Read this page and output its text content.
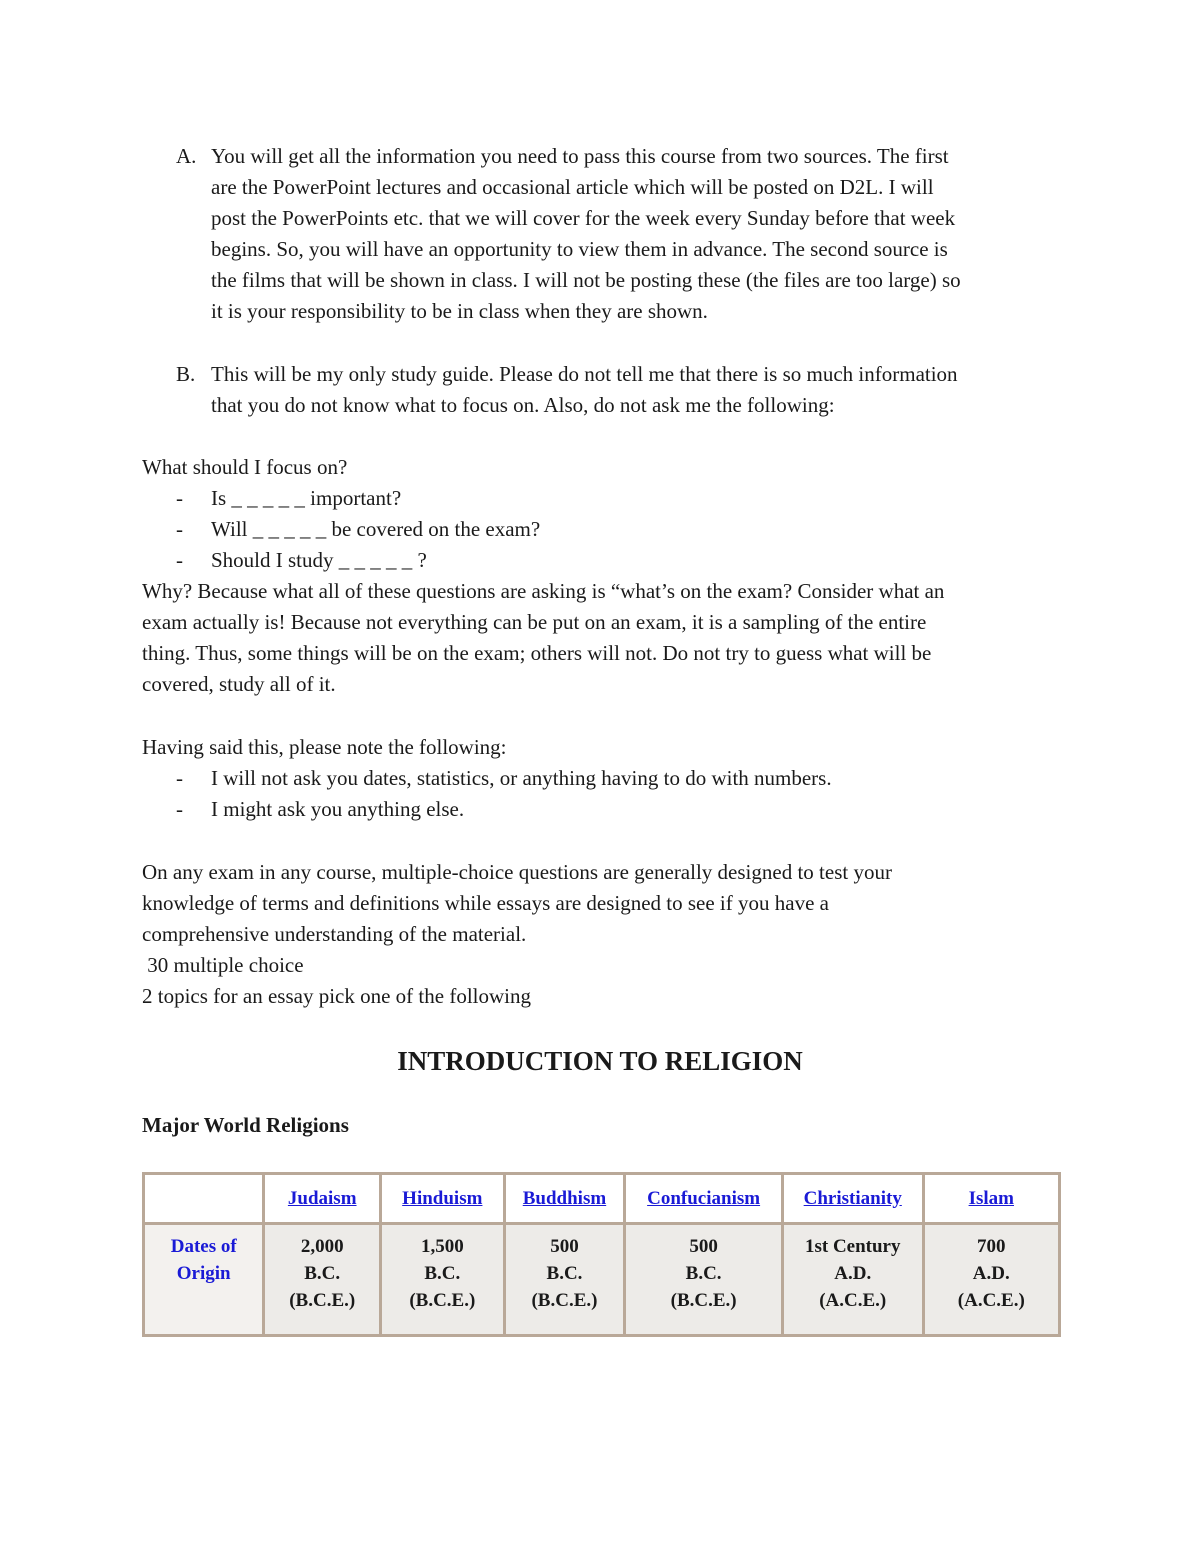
A. You will get all the information you need to pass this course from two sources. The first
are the PowerPoint lectures and occasional article which will be posted on D2L. I will
post the PowerPoints etc. that we will cover for the week every Sunday before that week
begins. So, you will have an opportunity to view them in advance. The second source is
the films that will be shown in class. I will not be posting these (the files are too large) so
it is your responsibility to be in class when they are shown.
B. This will be my only study guide. Please do not tell me that there is so much information
that you do not know what to focus on. Also, do not ask me the following:
What should I focus on?
- Is _ _ _ _ _ important?
- Will _ _ _ _ _ be covered on the exam?
- Should I study _ _ _ _ _ ?
Why? Because what all of these questions are asking is “what’s on the exam? Consider what an
exam actually is! Because not everything can be put on an exam, it is a sampling of the entire
thing. Thus, some things will be on the exam; others will not. Do not try to guess what will be
covered, study all of it.
Having said this, please note the following:
- I will not ask you dates, statistics, or anything having to do with numbers.
- I might ask you anything else.
On any exam in any course, multiple-choice questions are generally designed to test your
knowledge of terms and definitions while essays are designed to see if you have a
comprehensive understanding of the material.
30 multiple choice
2 topics for an essay pick one of the following
INTRODUCTION TO RELIGION
Major World Religions
	Judaism	Hinduism	Buddhism	Confucianism	Christianity	Islam

Dates of
Origin	2,000
B.C.
(B.C.E.)	1,500
B.C.
(B.C.E.)	500
B.C.
(B.C.E.)	500
B.C.
(B.C.E.)	1st Century
A.D.
(A.C.E.)	700
A.D.
(A.C.E.)
